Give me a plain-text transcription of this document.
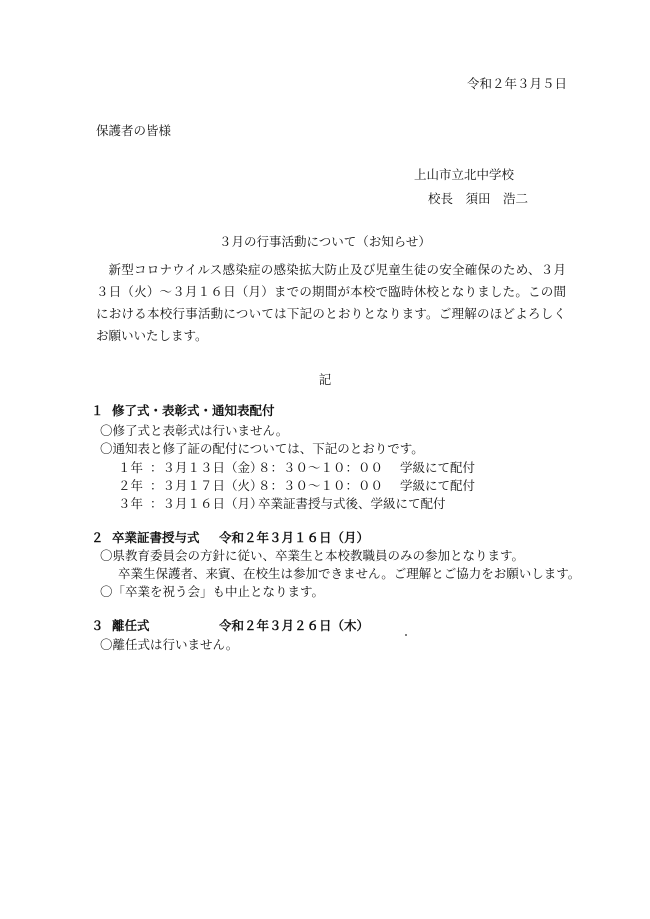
令和２年３月５日
保護者の皆様
上山市立北中学校
校長　須田　浩二
３月の行事活動について（お知らせ）
新型コロナウイルス感染症の感染拡大防止及び児童生徒の安全確保のため、３月３日（火）～３月１６日（月）までの期間が本校で臨時休校となりました。この間における本校行事活動については下記のとおりとなります。ご理解のほどよろしくお願いいたします。
記
１ 修了式・表彰式・通知表配付
〇修了式と表彰式は行いません。
〇通知表と修了証の配付については、下記のとおりです。
１年 ：３月１３日（金）
８：３０～１０：００ 学級にて配付
２年 ：３月１７日（火）
８：３０～１０：００ 学級にて配付
３年 ：３月１６日（月）
卒業証書授与式後、学級にて配付
２ 卒業証書授与式 令和２年３月１６日（月）
〇県教育委員会の方針に従い、卒業生と本校教職員のみの参加となります。
卒業生保護者、来賓、在校生は参加できません。ご理解とご協力をお願いします。
〇「卒業を祝う会」も中止となります。
３ 離任式	令和２年３月２６日（木）
〇離任式は行いません。
